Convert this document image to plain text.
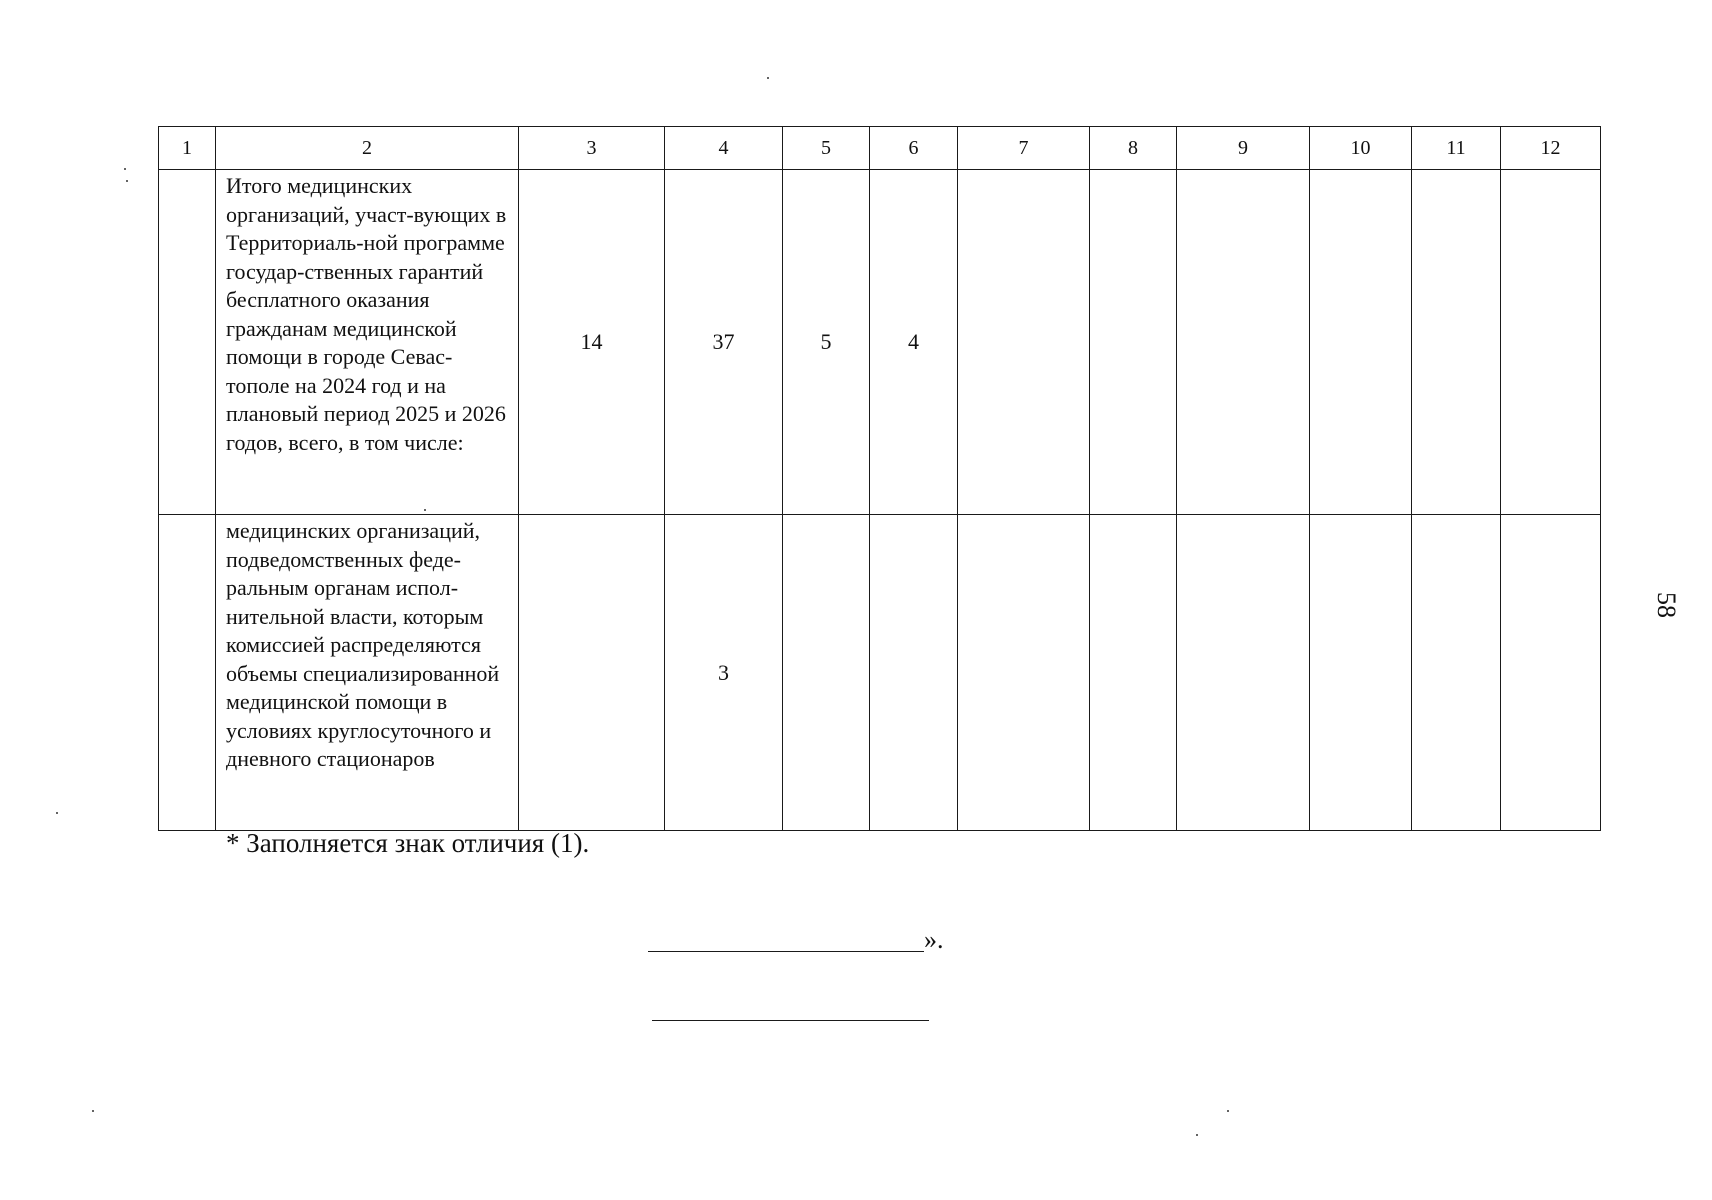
1	2	3	4	5	6	7	8	9	10	11	12
	Итого медицинских организаций, участ-вующих в Территориаль-ной программе государ-ственных гарантий бесплатного оказания гражданам медицинской помощи в городе Севас-тополе на 2024 год и на плановый период 2025 и 2026 годов, всего, в том числе:	14	37	5	4						
	медицинских организаций, подведомственных феде-ральным органам испол-нительной власти, которым комиссией распределяются объемы специализированной медицинской помощи в условиях круглосуточного и дневного стационаров		3								

* Заполняется знак отличия (1).

».
58
